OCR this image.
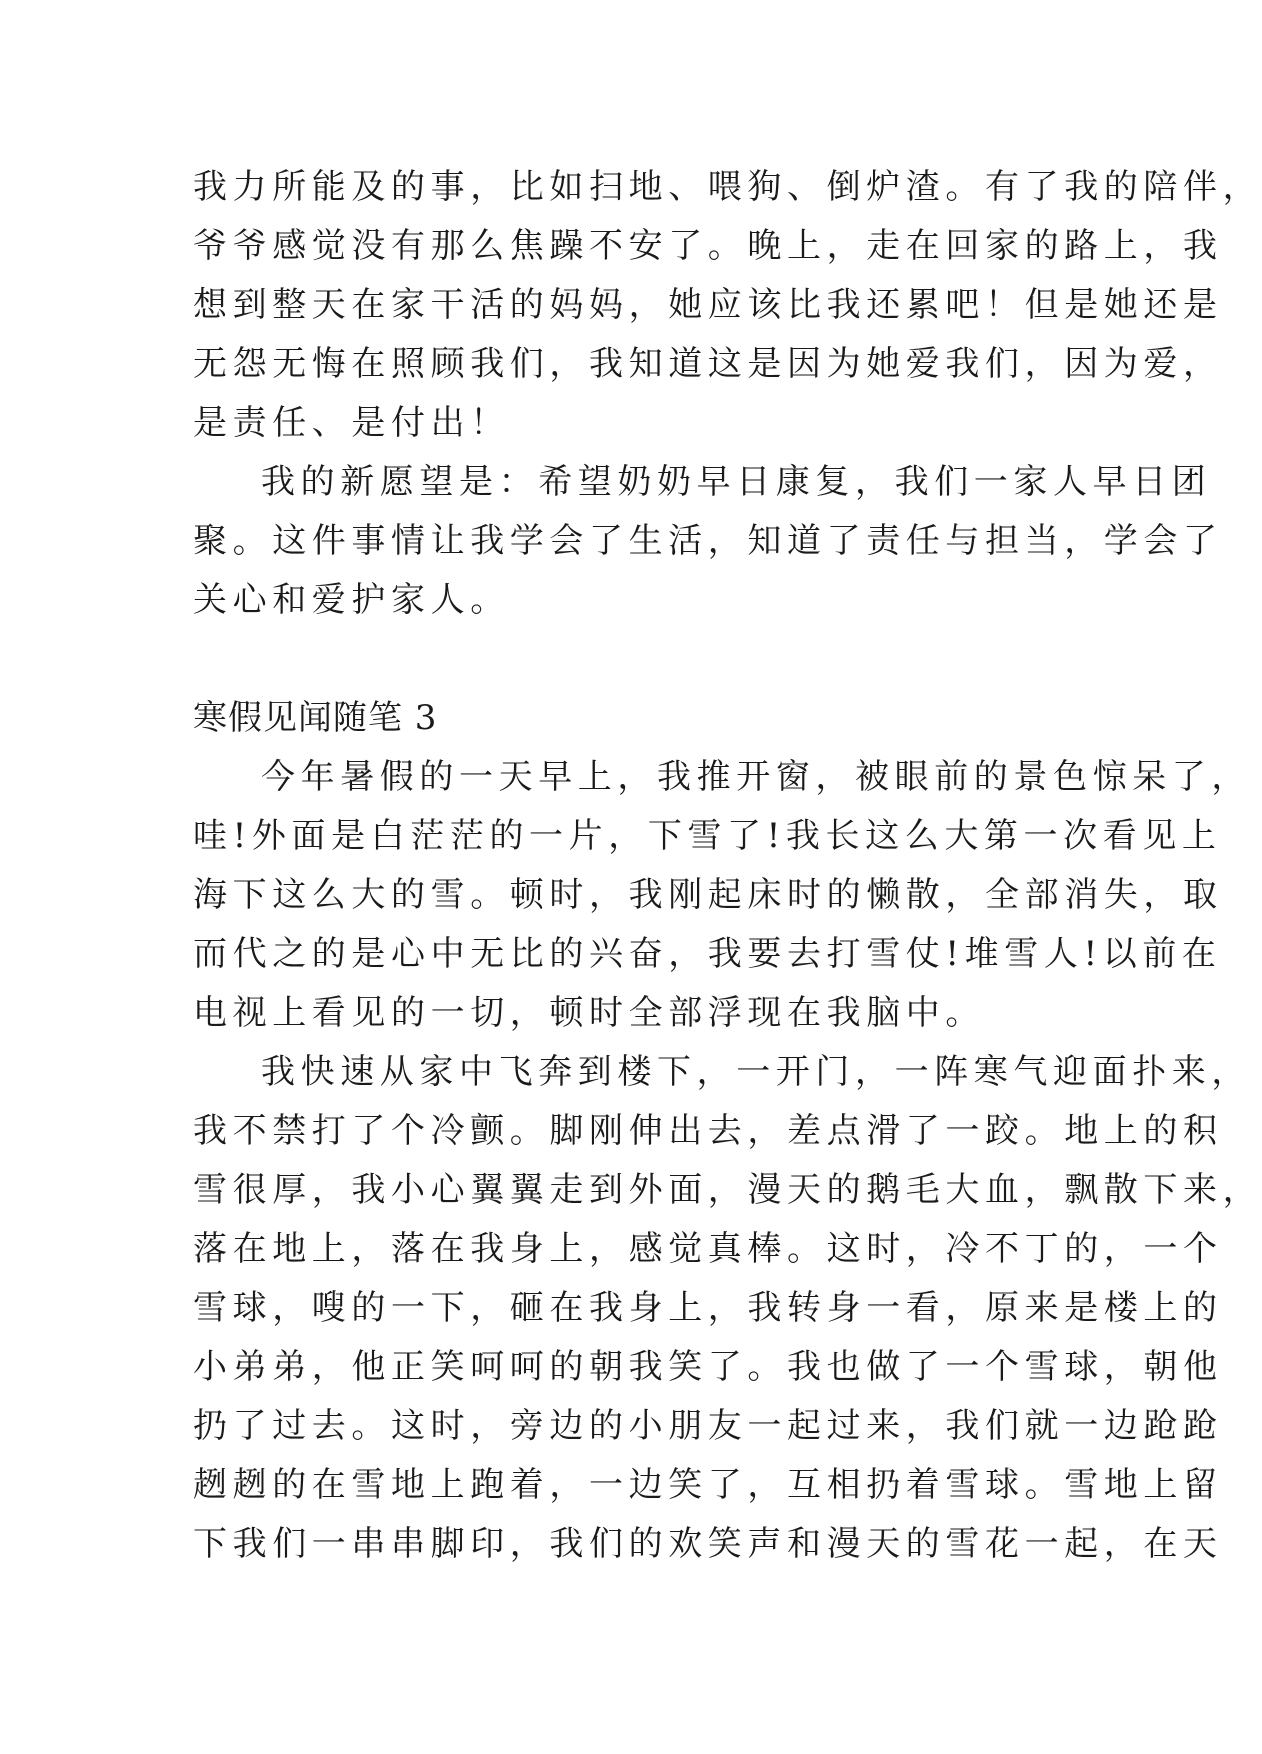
我力所能及的事，比如扫地、喂狗、倒炉渣。有了我的陪伴，
爷爷感觉没有那么焦躁不安了。晚上，走在回家的路上，我
想到整天在家干活的妈妈，她应该比我还累吧！但是她还是
无怨无悔在照顾我们，我知道这是因为她爱我们，因为爱，
是责任、是付出！
我的新愿望是：希望奶奶早日康复，我们一家人早日团
聚。这件事情让我学会了生活，知道了责任与担当，学会了
关心和爱护家人。
寒假见闻随笔 3
今年暑假的一天早上，我推开窗，被眼前的景色惊呆了，
哇!外面是白茫茫的一片，下雪了!我长这么大第一次看见上
海下这么大的雪。顿时，我刚起床时的懒散，全部消失，取
而代之的是心中无比的兴奋，我要去打雪仗!堆雪人!以前在
电视上看见的一切，顿时全部浮现在我脑中。
我快速从家中飞奔到楼下，一开门，一阵寒气迎面扑来，
我不禁打了个冷颤。脚刚伸出去，差点滑了一跤。地上的积
雪很厚，我小心翼翼走到外面，漫天的鹅毛大血，飘散下来，
落在地上，落在我身上，感觉真棒。这时，冷不丁的，一个
雪球，嗖的一下，砸在我身上，我转身一看，原来是楼上的
小弟弟，他正笑呵呵的朝我笑了。我也做了一个雪球，朝他
扔了过去。这时，旁边的小朋友一起过来，我们就一边跄跄
趔趔的在雪地上跑着，一边笑了，互相扔着雪球。雪地上留
下我们一串串脚印，我们的欢笑声和漫天的雪花一起，在天
